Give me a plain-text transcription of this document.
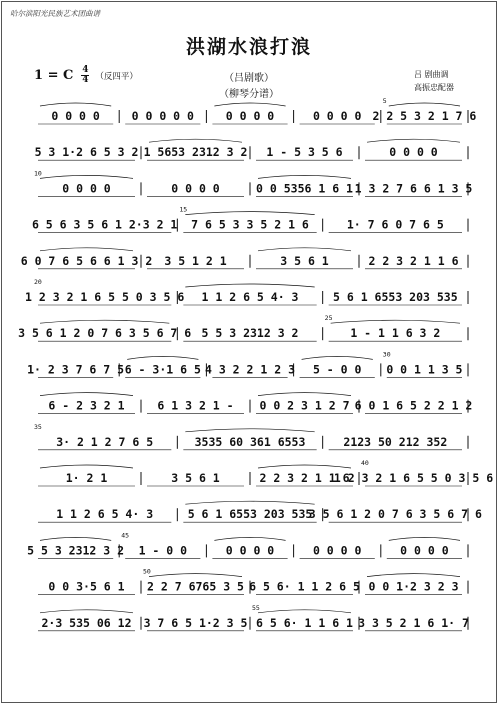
哈尔滨阳光民族艺术团曲谱
洪湖水浪打浪
（吕剧歌）
（柳琴分谱）
1 = C 4
4 （反四平）	吕 剧曲调
高振忠配器
0 0 0 0	0 0 0 0 0	0 0 0 0	0 0 0 0 2 2 5 3 2 1 7 6
5
5 3 1·2 6 5 3 2 1 5653 2312 3 2 1 - 5 3 5 6	0 0 0 0
0 0 0 0	0 0 0 0	0 0 5356 1 6 1 1 3 2 7 6 6 1 3 5
10
6 5 6 3 5 6 1 2·3 2 1 7 6 5 3 3 5 2 1 6	1· 7 6 0 7 6 5
15
6 0 7 6 5 6 6 1 3 2 3 5 1 2 1	3 5 6 1	2 2 3 2 1 1 6
1 2 3 2 1 6 5 5 0 3 5 6 1 1 2 6 5 4· 3	5 6 1 6553 203 535
20
3 5 6 1 2 0 7 6 3 5 6 7 6 5 5 3 2312 3 2	1 - 1 1 6 3 2
25
1· 2 3 7 6 7 5 6 - 3·1 6 5 4 3 2 2 1 2 3 5 - 0 0 0 0 1 1 3 5
30
6 - 2 3 2 1	6 1 3 2 1 - 0 0 2 3 1 2 7 6 0 1 6 5 2 2 1 2
3· 2 1 2 7 6 5	3535 60 361 6553	2123 50 212 352
35
1· 2 1	3 5 6 1	2 2 3 2 1 1 6
1 2 3 2 1 6 5 5 0 3 5 6
40
1 1 2 6 5 4· 3	5 6 1 6553 203 535
3 5 6 1 2 0 7 6 3 5 6 7 6
5 5 3 2312 3 2 1 - 0 0	0 0 0 0	0 0 0 0	0 0 0 0
45
0 0 3·5 6 1 2 2 7 6765 3 5 6 5 6· 1 1 2 6 5 0 0 1·2 3 2 3
50
2·3 535 06 12 3 7 6 5 1·2 3 5 6 5 6· 1 1 6 1 3 3 5 2 1 6 1· 7
55
